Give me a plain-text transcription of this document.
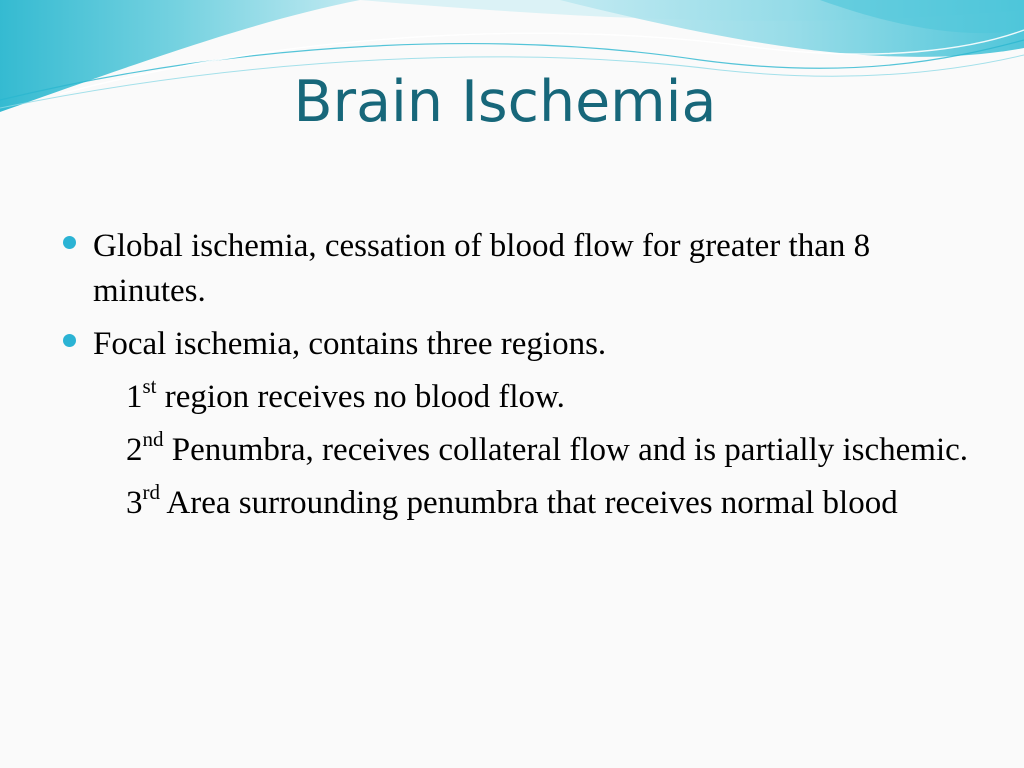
Brain Ischemia
Global ischemia, cessation of blood flow for greater than 8 minutes.
Focal ischemia, contains three regions.
1st region receives no blood flow.
2nd Penumbra, receives collateral flow and is partially ischemic.
3rd Area surrounding penumbra that receives normal blood
